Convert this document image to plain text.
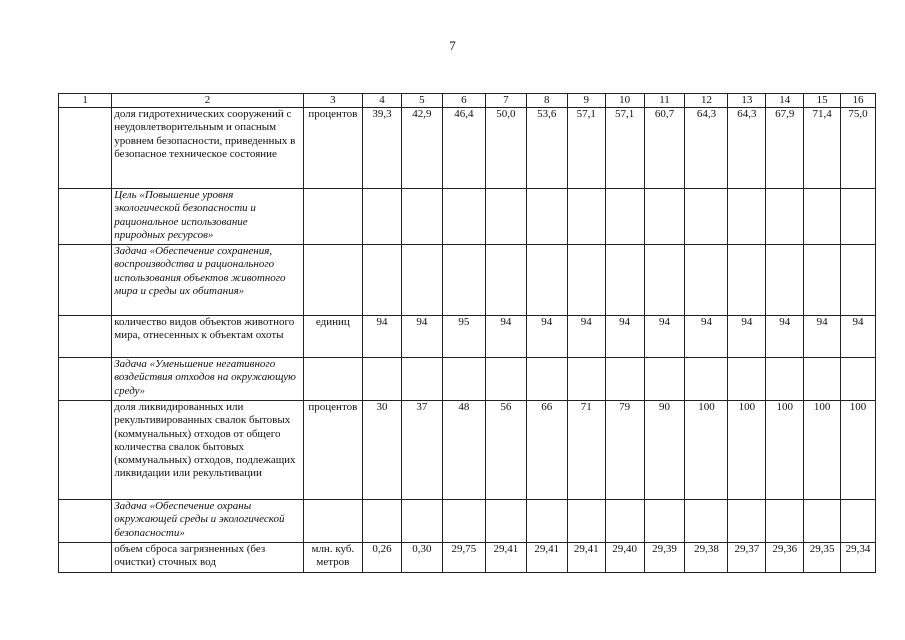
7
1	2	3	4	5	6	7	8	9	10	11	12	13	14	15	16
	доля гидротехнических сооружений с неудовлетворительным и опасным уровнем безопасности, приведенных в безопасное техническое состояние	процентов	39,3	42,9	46,4	50,0	53,6	57,1	57,1	60,7	64,3	64,3	67,9	71,4	75,0
	Цель «Повышение уровня экологической безопасности и рациональное использование природных ресурсов»														
	Задача «Обеспечение сохранения, воспроизводства и рационального использования объектов животного мира и среды их обитания»														
	количество видов объектов животного мира, отнесенных к объектам охоты	единиц	94	94	95	94	94	94	94	94	94	94	94	94	94
	Задача «Уменьшение негативного воздействия отходов на окружающую среду»														
	доля ликвидированных или рекультивированных свалок бытовых (коммунальных) отходов от общего количества свалок бытовых (коммунальных) отходов, подлежащих ликвидации или рекультивации	процентов	30	37	48	56	66	71	79	90	100	100	100	100	100
	Задача «Обеспечение охраны окружающей среды и экологической безопасности»														
	объем сброса загрязненных (без очистки) сточных вод	млн. куб. метров	0,26	0,30	29,75	29,41	29,41	29,41	29,40	29,39	29,38	29,37	29,36	29,35	29,34
